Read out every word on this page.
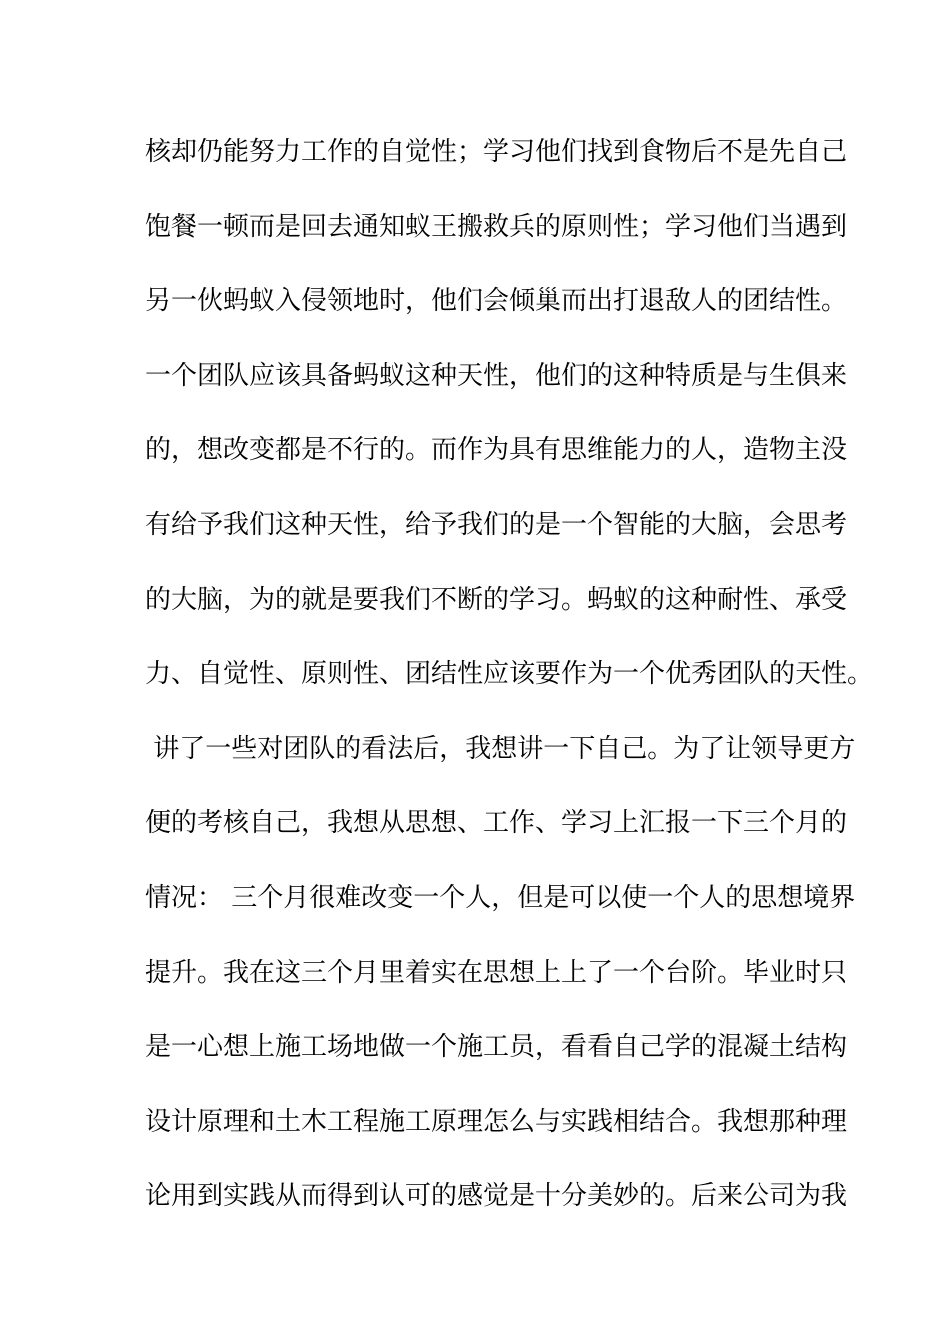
核却仍能努力工作的自觉性；学习他们找到食物后不是先自己
饱餐一顿而是回去通知蚁王搬救兵的原则性；学习他们当遇到
另一伙蚂蚁入侵领地时，他们会倾巢而出打退敌人的团结性。
一个团队应该具备蚂蚁这种天性，他们的这种特质是与生俱来
的，想改变都是不行的。而作为具有思维能力的人，造物主没
有给予我们这种天性，给予我们的是一个智能的大脑，会思考
的大脑，为的就是要我们不断的学习。蚂蚁的这种耐性、承受
力、自觉性、原则性、团结性应该要作为一个优秀团队的天性。
讲了一些对团队的看法后，我想讲一下自己。为了让领导更方
便的考核自己，我想从思想、工作、学习上汇报一下三个月的
情况： 三个月很难改变一个人，但是可以使一个人的思想境界
提升。我在这三个月里着实在思想上上了一个台阶。毕业时只
是一心想上施工场地做一个施工员，看看自己学的混凝土结构
设计原理和土木工程施工原理怎么与实践相结合。我想那种理
论用到实践从而得到认可的感觉是十分美妙的。后来公司为我
